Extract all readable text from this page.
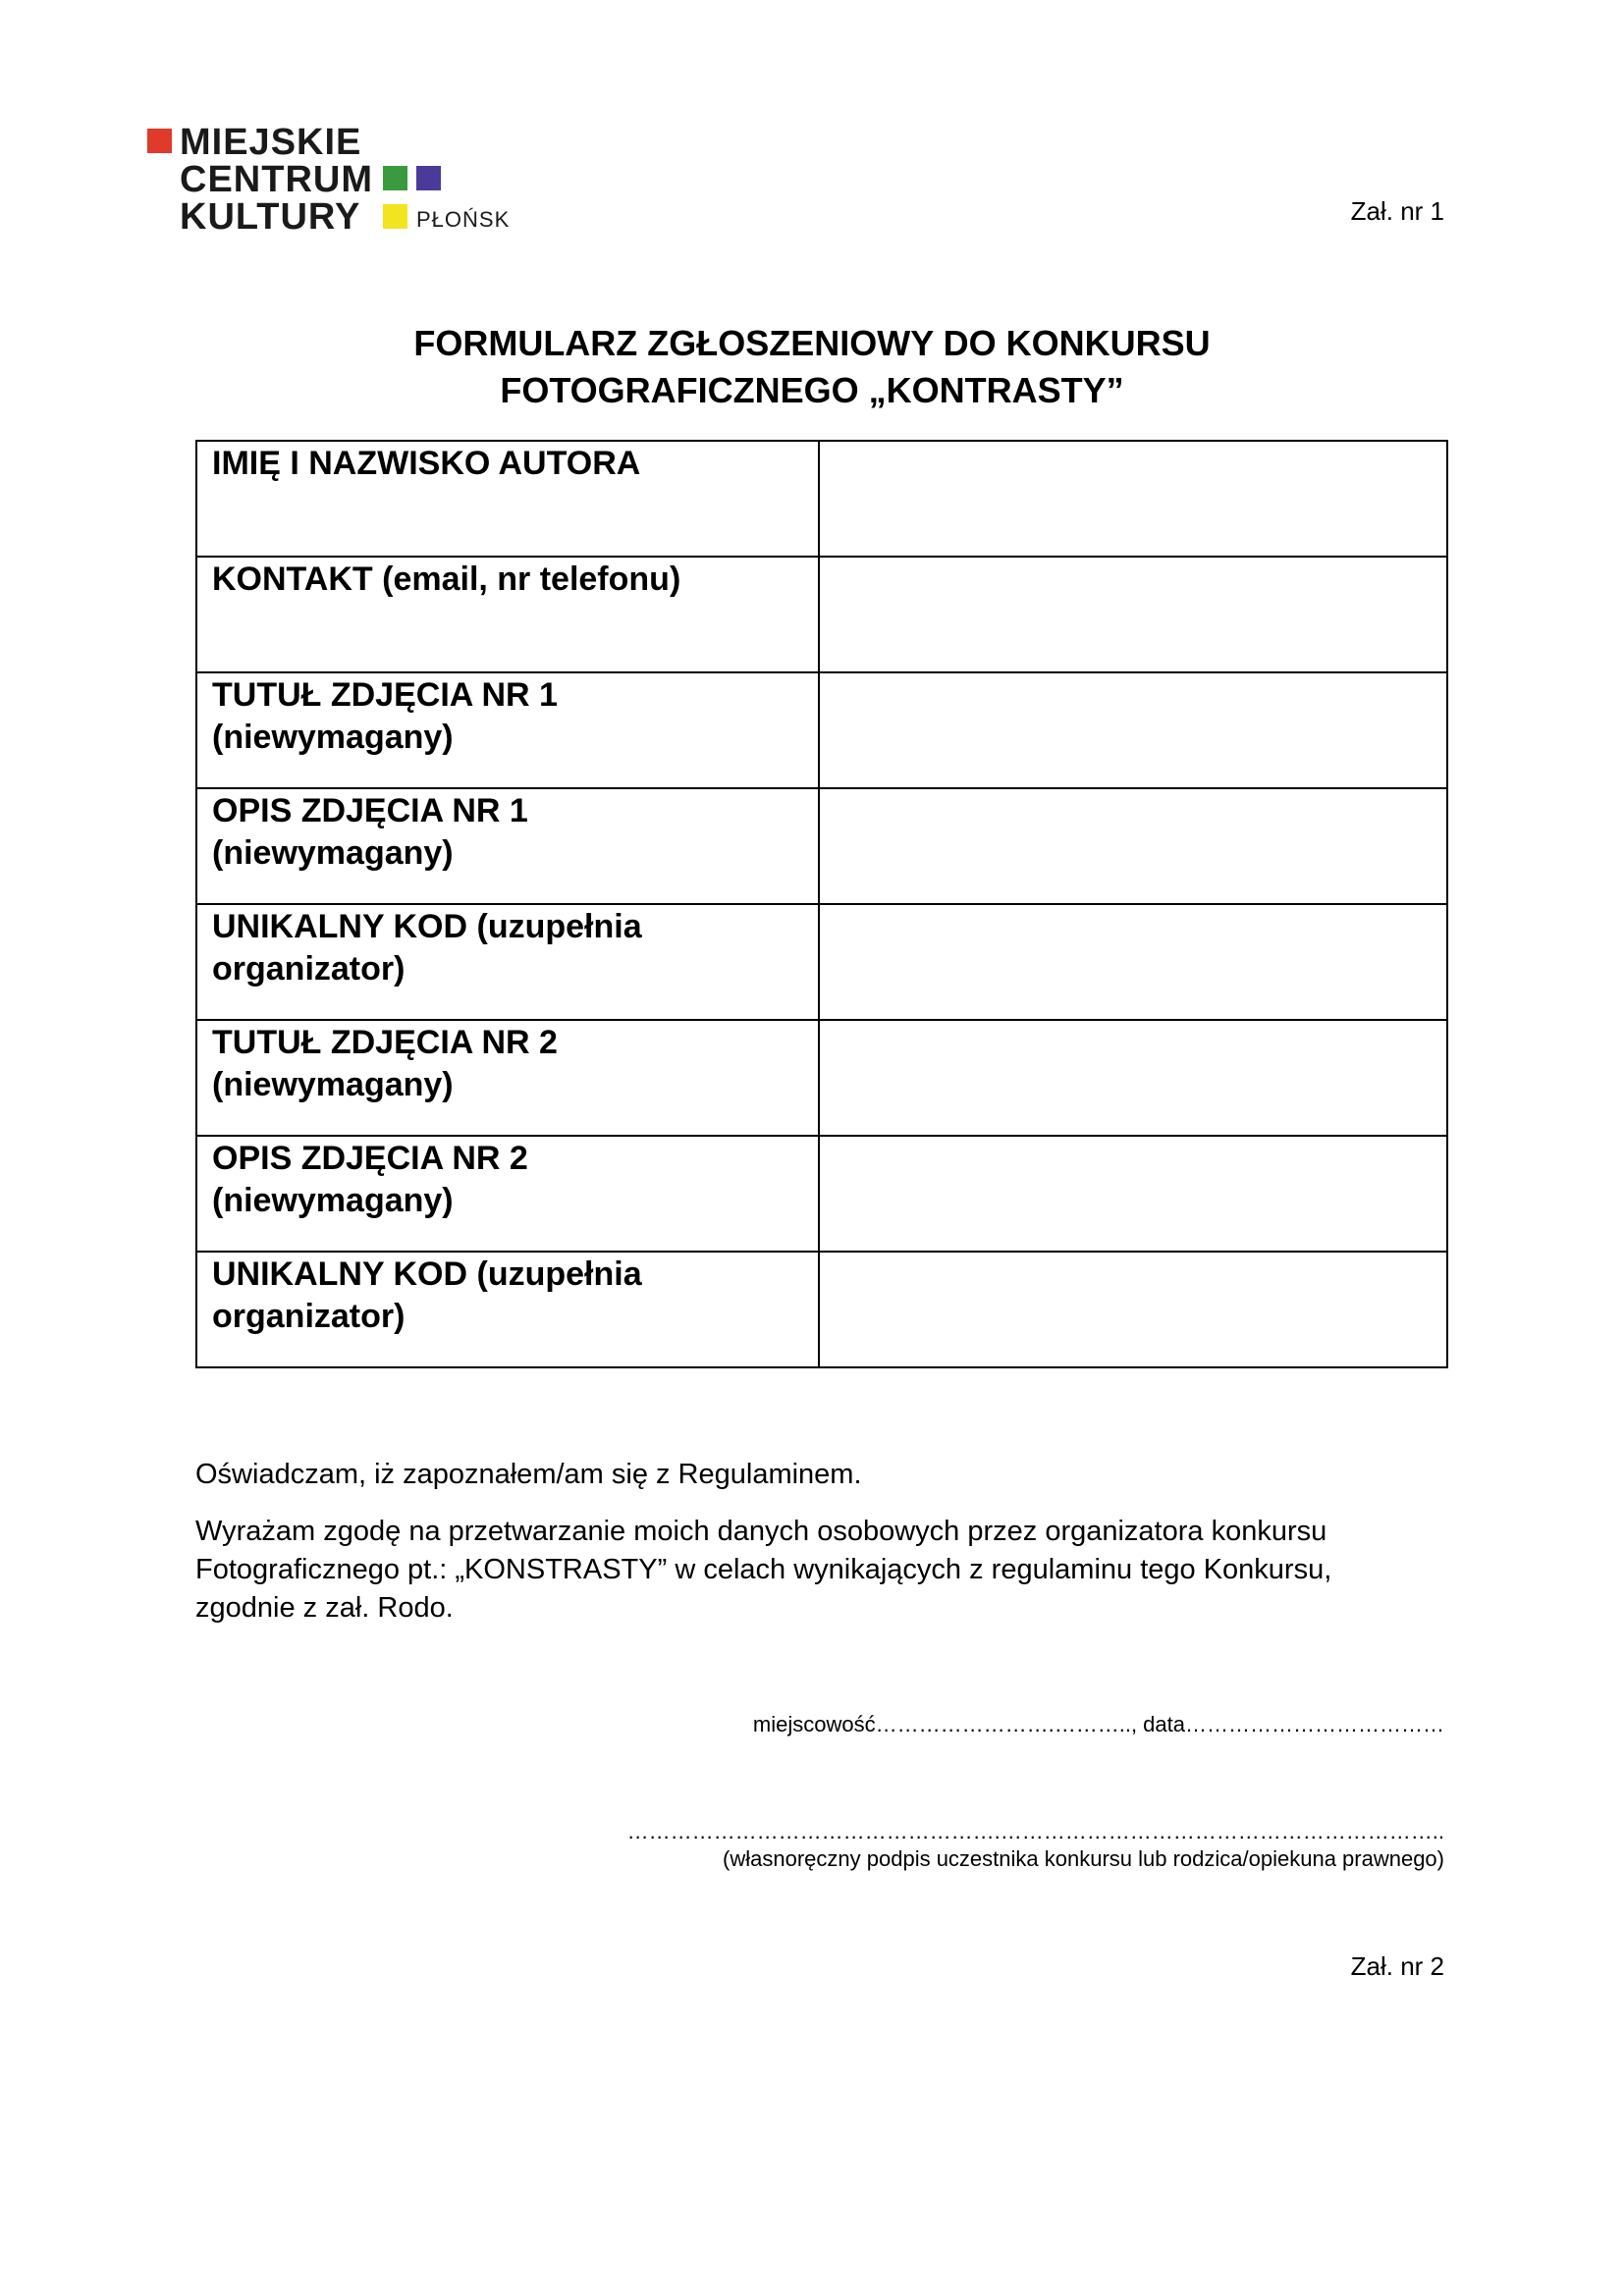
MIEJSKIE
CENTRUM
KULTURY	PŁOŃSK	Zał. nr 1
FORMULARZ ZGŁOSZENIOWY DO KONKURSU
FOTOGRAFICZNEGO „KONTRASTY”
IMIĘ I NAZWISKO AUTORA	

KONTAKT (email, nr telefonu)	

TUTUŁ ZDJĘCIA NR 1
(niewymagany)	

OPIS ZDJĘCIA NR 1
(niewymagany)	

UNIKALNY KOD (uzupełnia
organizator)	

TUTUŁ ZDJĘCIA NR 2
(niewymagany)	

OPIS ZDJĘCIA NR 2
(niewymagany)	

UNIKALNY KOD (uzupełnia
organizator)	

Oświadczam, iż zapoznałem/am się z Regulaminem.
Wyrażam zgodę na przetwarzanie moich danych osobowych przez organizatora konkursu
Fotograficznego pt.: „KONSTRASTY” w celach wynikających z regulaminu tego Konkursu,
zgodnie z zał. Rodo.
miejscowość…………………….……….., data………………………………
…………………………………………….……………………………………………………..
(własnoręczny podpis uczestnika konkursu lub rodzica/opiekuna prawnego)
Zał. nr 2
